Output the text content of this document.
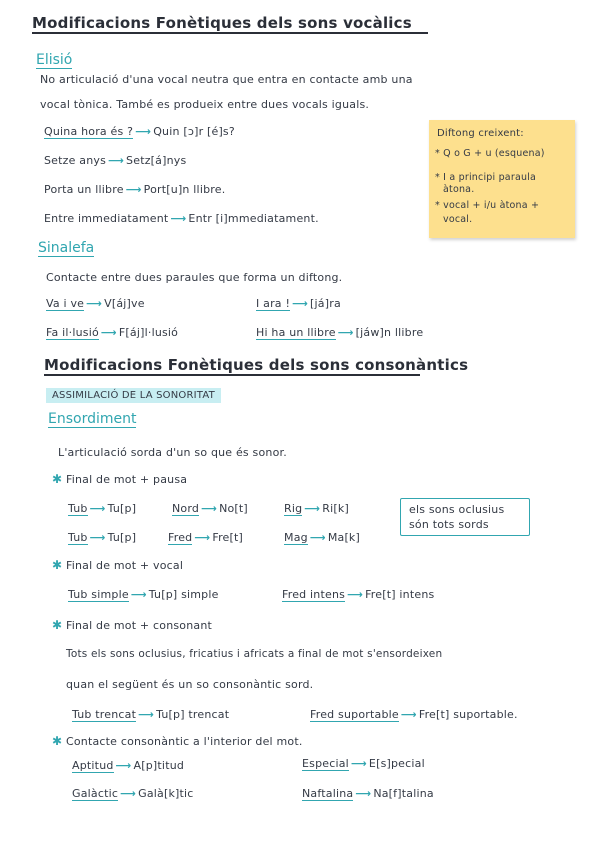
Modificacions Fonètiques dels sons vocàlics
Elisió
No articulació d'una vocal neutra que entra en contacte amb una
vocal tònica. També es produeix entre dues vocals iguals.
Quina hora és ? ⟶ Quin [ɔ]r [é]s?
Setze anys ⟶ Setz[á]nys
Porta un llibre ⟶ Port[u]n llibre.
Entre immediatament ⟶ Entr [i]mmediatament.
Diftong creixent:
* Q o G + u (esquena)
* I a principi paraula
àtona.
* vocal + i/u àtona +
vocal.
Sinalefa
Contacte entre dues paraules que forma un diftong.
Va i ve ⟶ V[áj]ve	I ara ! ⟶ [já]ra
Fa il·lusió ⟶ F[áj]l·lusió	Hi ha un llibre ⟶ [jáw]n llibre
Modificacions Fonètiques dels sons consonàntics
ASSIMILACIÓ DE LA SONORITAT
Ensordiment
L'articulació sorda d'un so que és sonor.
✱ Final de mot + pausa
Tub ⟶ Tu[p]	Nord ⟶ No[t]	Rig ⟶ Ri[k]
Tub ⟶ Tu[p]	Fred ⟶ Fre[t]	Mag ⟶ Ma[k]
els sons oclusius
són tots sords
✱ Final de mot + vocal
Tub simple ⟶ Tu[p] simple	Fred intens ⟶ Fre[t] intens
✱ Final de mot + consonant
Tots els sons oclusius, fricatius i africats a final de mot s'ensordeixen
quan el següent és un so consonàntic sord.
Tub trencat ⟶ Tu[p] trencat	Fred suportable ⟶ Fre[t] suportable.
✱ Contacte consonàntic a l'interior del mot.
Aptitud ⟶ A[p]titud	Especial ⟶ E[s]pecial
Galàctic ⟶ Galà[k]tic	Naftalina ⟶ Na[f]talina
